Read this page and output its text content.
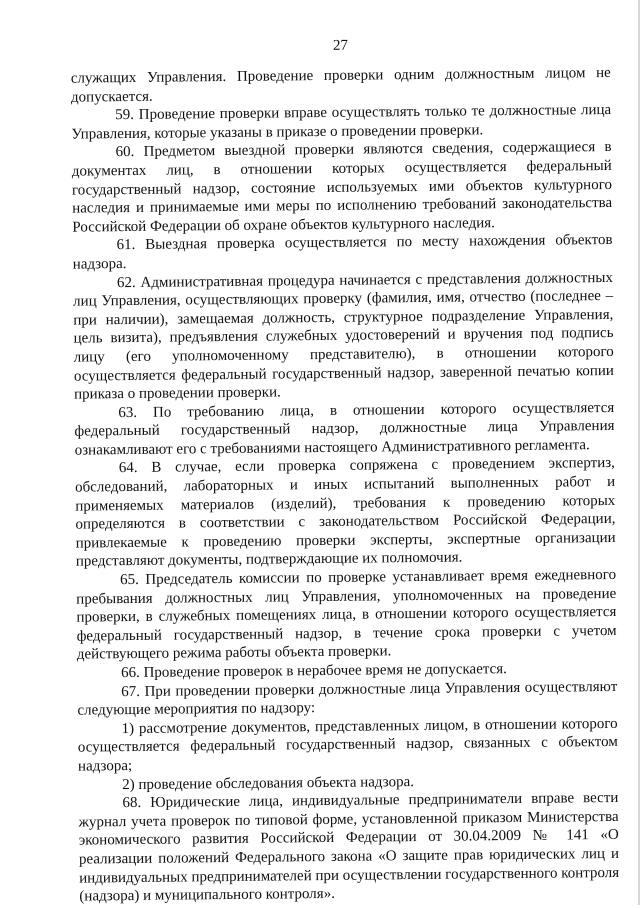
27

служащих Управления. Проведение проверки одним должностным лицом не допускается.

59. Проведение проверки вправе осуществлять только те должностные лица Управления, которые указаны в приказе о проведении проверки.

60. Предметом выездной проверки являются сведения, содержащиеся в документах лиц, в отношении которых осуществляется федеральный государственный надзор, состояние используемых ими объектов культурного наследия и принимаемые ими меры по исполнению требований законодательства Российской Федерации об охране объектов культурного наследия.

61. Выездная проверка осуществляется по месту нахождения объектов надзора.

62. Административная процедура начинается с представления должностных лиц Управления, осуществляющих проверку (фамилия, имя, отчество (последнее – при наличии), замещаемая должность, структурное подразделение Управления, цель визита), предъявления служебных удостоверений и вручения под подпись лицу (его уполномоченному представителю), в отношении которого осуществляется федеральный государственный надзор, заверенной печатью копии приказа о проведении проверки.

63. По требованию лица, в отношении которого осуществляется федеральный государственный надзор, должностные лица Управления ознакамливают его с требованиями настоящего Административного регламента.

64. В случае, если проверка сопряжена с проведением экспертиз, обследований, лабораторных и иных испытаний выполненных работ и применяемых материалов (изделий), требования к проведению которых определяются в соответствии с законодательством Российской Федерации, привлекаемые к проведению проверки эксперты, экспертные организации представляют документы, подтверждающие их полномочия.

65. Председатель комиссии по проверке устанавливает время ежедневного пребывания должностных лиц Управления, уполномоченных на проведение проверки, в служебных помещениях лица, в отношении которого осуществляется федеральный государственный надзор, в течение срока проверки с учетом действующего режима работы объекта проверки.

66. Проведение проверок в нерабочее время не допускается.

67. При проведении проверки должностные лица Управления осуществляют следующие мероприятия по надзору:

1) рассмотрение документов, представленных лицом, в отношении которого осуществляется федеральный государственный надзор, связанных с объектом надзора;

2) проведение обследования объекта надзора.

68. Юридические лица, индивидуальные предприниматели вправе вести журнал учета проверок по типовой форме, установленной приказом Министерства экономического развития Российской Федерации от 30.04.2009 № 141 «О реализации положений Федерального закона «О защите прав юридических лиц и индивидуальных предпринимателей при осуществлении государственного контроля (надзора) и муниципального контроля».
